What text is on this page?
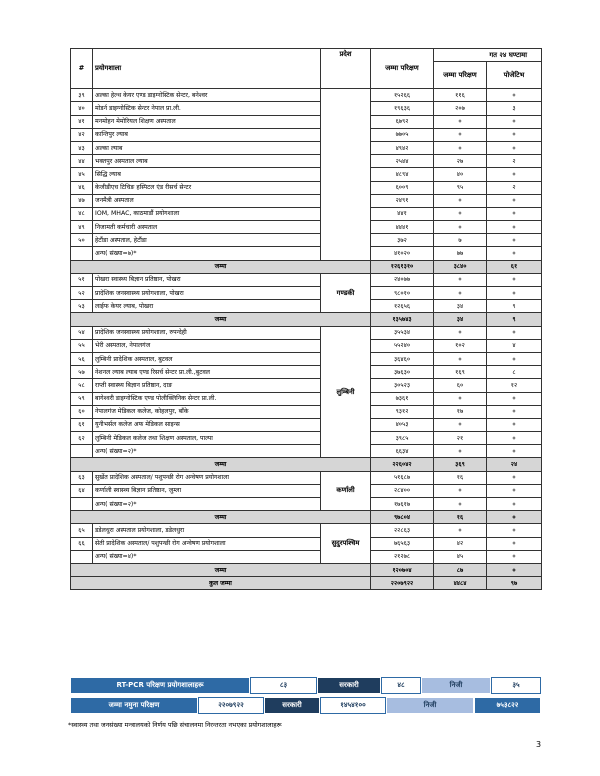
#	प्रयोगशाला	प्रदेश	जम्मा परिक्षण	गत २४ घण्टामा	
				जम्मा परिक्षण	पोजेटिभ
३९	अल्का हेल्थ केयर एण्ड डाइग्नोस्टिक सेन्टर, बनेश्वर		१५२६६	११६	०
४०	मोडर्न डाइग्नोस्टिक सेन्टर नेपाल प्रा.ली.		१९६३६	२०७	३
४१	मनमोहन मेमोरियल शिक्षण अस्पताल		६७९२	०	०
४२	कान्तिपुर ल्याब		७७०५	०	०
४३	अल्का ल्याब		४९४२	०	०
४४	भक्तपुर अस्पताल ल्याब		२५४४	२७	२
४५	सिद्धि ल्याब		४८९४	४०	०
४६	केजीडीएच टिचिङ हस्पिटल एंड रीसर्च सेन्टर		६००९	९५	२
४७	जनमैत्री अस्पताल		२४९१	०	०
४८	IOM, MHAC, काठमाडौं प्रयोगशाला		४४१	०	०
४९	निजामती कर्मचारी अस्पताल		४४४१	०	०
५०	हेटौंडा अस्पताल, हेटौंडा		३७२	७	०
	अन्य( संख्या=७)*		४१०२०	७७	०
जम्मा			१२६१३१०	३८४०	६१
५१	पोखरा स्वास्थ्य बिज्ञान प्रतिष्ठान, पोखरा	गण्डकी	२४०७७	०	०
५२	प्रादेशिक जनस्वास्थ्य प्रयोगशाला, पोखरा		९८०१०	०	०
५३	लाईफ केयर ल्याब, पोखरा		१२६५६	३४	९
जम्मा			१३५७४३	३४	९
५४	प्रादेशिक जनस्वास्थ्य प्रयोगशाला, रुपन्देही	लुम्बिनी	३५५३४	०	०
५५	भेरी अस्पताल, नेपालगंज		५५२४०	१०२	४
५६	लुम्बिनी प्रादेशिक अस्पताल, बुटवल		३६४६०	०	०
५७	नेशनल ल्याब ल्याब एण्ड रिसर्च सेन्टर प्रा.ली.,बुटवल		३७६३०	१६९	८
५८	राप्ती स्वास्थ्य बिज्ञान प्रतिष्ठान, दाङ		३०५२३	६०	१२
५९	बागेश्वरी डाइग्नोस्टिक एण्ड पोलीक्लिनिक सेन्टर प्रा.ली.		७३६१	०	०
६०	नेपालगंज मेडिकल कलेज, कोहलपुर, बाँके		९३१२	१७	०
६१	युनीभर्सल कलेज अफ मेडिकल साइन्स		४०५३	०	०
६२	लुम्बिनी मेडिकल कलेज तथा शिक्षण अस्पताल, पाल्पा		३९८५	२१	०
	अन्य( संख्या=२)*		६६३४	०	०
जम्मा			२२६०४२	३६९	२४
६३	सुर्खेत प्रादेशिक अस्पताल/ पशुपन्छी रोग अन्वेषण प्रयोगशाला	कर्णाली	५१६८७	१६	०
६४	कर्णाली स्वास्थ्य बिज्ञान प्रतिष्ठान, जुम्ला		२८४००	०	०
	अन्य( संख्या=२)*		१७६१७	०	०
जम्मा			९७८०४	१६	०
६५	डडेलधुरा अस्पताल प्रयोगशाला, डडेलधुरा	सुदुरपश्चिम	२२८६३	०	०
६६	सेती प्रादेशिक अस्पताल/ पशुपन्छी रोग अन्वेषण प्रयोगशाला		७६५६३	४२	०
	अन्य( संख्या=४)*		२१२७८	४५	०
जम्मा			१२०७०४	८७	०
कुल जम्मा			२२०७९२२	४४८४	९७
RT-PCR परिक्षण प्रयोगशालाहरू	८३	सरकारी	४८	निजी	३५
जम्मा नमुना परिक्षण	२२०७९२२	सरकारी	१४५४१००	निजी	७५३८२२
*स्वास्थ्य तथा जनसंख्या मन्त्रालयको निर्णय पछि संचालनमा निरन्तरता नभएका प्रयोगशालाहरू
3
